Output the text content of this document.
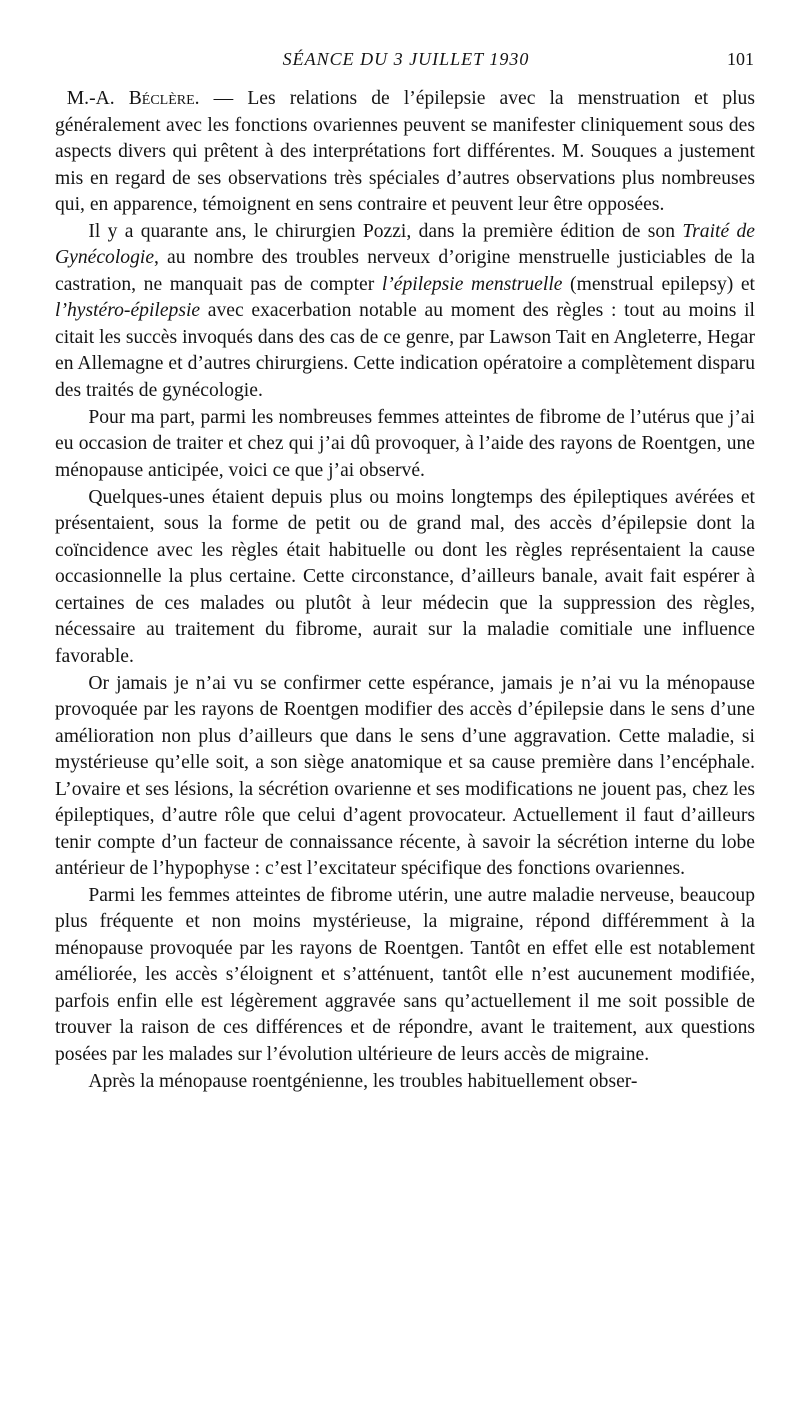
SÉANCE DU 3 JUILLET 1930	101

M.-A. Béclère. — Les relations de l’épilepsie avec la menstruation et plus généralement avec les fonctions ovariennes peuvent se manifester cliniquement sous des aspects divers qui prêtent à des interprétations fort différentes. M. Souques a justement mis en regard de ses observations très spéciales d’autres observations plus nombreuses qui, en apparence, témoignent en sens contraire et peuvent leur être opposées.

Il y a quarante ans, le chirurgien Pozzi, dans la première édition de son Traité de Gynécologie, au nombre des troubles nerveux d’origine menstruelle justiciables de la castration, ne manquait pas de compter l’épilepsie menstruelle (menstrual epilepsy) et l’hystéro-épilepsie avec exacerbation notable au moment des règles : tout au moins il citait les succès invoqués dans des cas de ce genre, par Lawson Tait en Angleterre, Hegar en Allemagne et d’autres chirurgiens. Cette indication opératoire a complètement disparu des traités de gynécologie.

Pour ma part, parmi les nombreuses femmes atteintes de fibrome de l’utérus que j’ai eu occasion de traiter et chez qui j’ai dû provoquer, à l’aide des rayons de Roentgen, une ménopause anticipée, voici ce que j’ai observé.

Quelques-unes étaient depuis plus ou moins longtemps des épileptiques avérées et présentaient, sous la forme de petit ou de grand mal, des accès d’épilepsie dont la coïncidence avec les règles était habituelle ou dont les règles représentaient la cause occasionnelle la plus certaine. Cette circonstance, d’ailleurs banale, avait fait espérer à certaines de ces malades ou plutôt à leur médecin que la suppression des règles, nécessaire au traitement du fibrome, aurait sur la maladie comitiale une influence favorable.

Or jamais je n’ai vu se confirmer cette espérance, jamais je n’ai vu la ménopause provoquée par les rayons de Roentgen modifier des accès d’épilepsie dans le sens d’une amélioration non plus d’ailleurs que dans le sens d’une aggravation. Cette maladie, si mystérieuse qu’elle soit, a son siège anatomique et sa cause première dans l’encéphale. L’ovaire et ses lésions, la sécrétion ovarienne et ses modifications ne jouent pas, chez les épileptiques, d’autre rôle que celui d’agent provocateur. Actuellement il faut d’ailleurs tenir compte d’un facteur de connaissance récente, à savoir la sécrétion interne du lobe antérieur de l’hypophyse : c’est l’excitateur spécifique des fonctions ovariennes.

Parmi les femmes atteintes de fibrome utérin, une autre maladie nerveuse, beaucoup plus fréquente et non moins mystérieuse, la migraine, répond différemment à la ménopause provoquée par les rayons de Roentgen. Tantôt en effet elle est notablement améliorée, les accès s’éloignent et s’atténuent, tantôt elle n’est aucunement modifiée, parfois enfin elle est légèrement aggravée sans qu’actuellement il me soit possible de trouver la raison de ces différences et de répondre, avant le traitement, aux questions posées par les malades sur l’évolution ultérieure de leurs accès de migraine.

Après la ménopause roentgénienne, les troubles habituellement obser-
